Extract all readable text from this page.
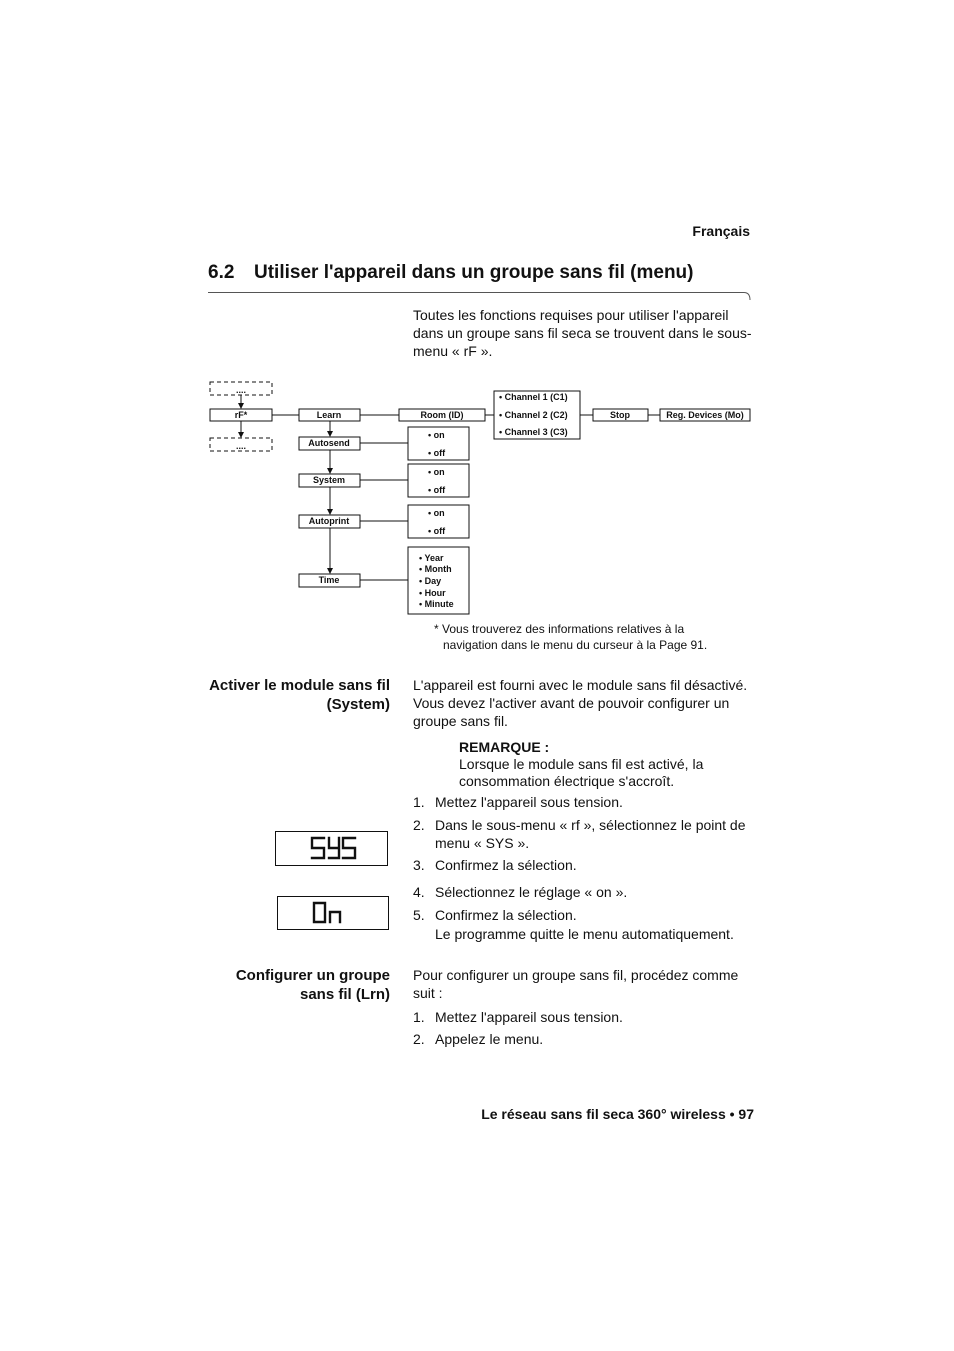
Français
6.2 Utiliser l'appareil dans un groupe sans fil (menu)
Toutes les fonctions requises pour utiliser l'appareil dans un groupe sans fil seca se trouvent dans le sous-menu « rF ».
....
....
rF*	Learn
Autosend
System
Autoprint
Time
Room (ID)
• Channel 1 (C1)
• Channel 2 (C2)
• Channel 3 (C3)
Stop	Reg. Devices (Mo)
• on
• off
• on
• off
• on
• off
• Year
• Month
• Day
• Hour
• Minute
* Vous trouverez des informations relatives à la
navigation dans le menu du curseur à la Page 91.
Activer le module sans fil (System)
L'appareil est fourni avec le module sans fil désactivé. Vous devez l'activer avant de pouvoir configurer un groupe sans fil.
REMARQUE :
Lorsque le module sans fil est activé, la consommation électrique s'accroît.
1. Mettez l'appareil sous tension.
2. Dans le sous-menu « rf », sélectionnez le point de menu « SYS ».
3. Confirmez la sélection.
4. Sélectionnez le réglage « on ».
5. Confirmez la sélection.
Le programme quitte le menu automatiquement.
Configurer un groupe sans fil (Lrn)
Pour configurer un groupe sans fil, procédez comme suit :
1. Mettez l'appareil sous tension.
2. Appelez le menu.
Le réseau sans fil seca 360° wireless • 97
